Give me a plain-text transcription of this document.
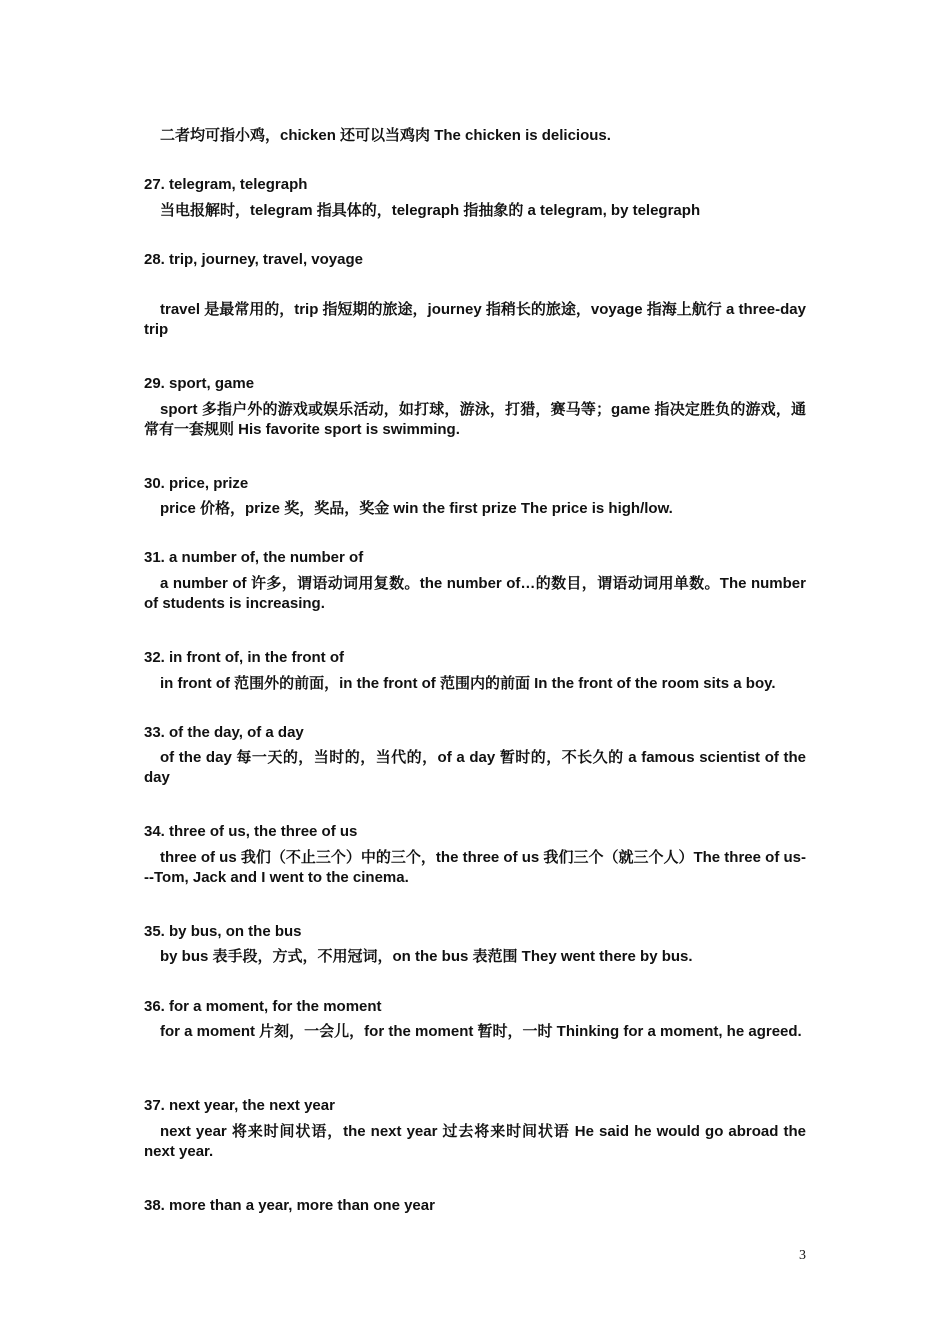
二者均可指小鸡，chicken 还可以当鸡肉 The chicken is delicious.
27. telegram, telegraph
当电报解时，telegram 指具体的，telegraph 指抽象的 a telegram, by telegraph
28. trip, journey, travel, voyage
travel 是最常用的，trip 指短期的旅途，journey 指稍长的旅途，voyage 指海上航行 a three-day trip
29. sport, game
sport 多指户外的游戏或娱乐活动，如打球，游泳，打猎，赛马等；game 指决定胜负的游戏，通常有一套规则 His favorite sport is swimming.
30. price, prize
price 价格，prize 奖，奖品，奖金 win the first prize The price is high/low.
31. a number of, the number of
a number of 许多，谓语动词用复数。the number of…的数目，谓语动词用单数。The number of students is increasing.
32. in front of, in the front of
in front of 范围外的前面，in the front of 范围内的前面 In the front of the room sits a boy.
33. of the day, of a day
of the day 每一天的，当时的，当代的，of a day 暂时的，不长久的 a famous scientist of the day
34. three of us, the three of us
three of us 我们（不止三个）中的三个，the three of us 我们三个（就三个人）The three of us---Tom, Jack and I went to the cinema.
35. by bus, on the bus
by bus 表手段，方式，不用冠词，on the bus 表范围 They went there by bus.
36. for a moment, for the moment
for a moment 片刻，一会儿，for the moment 暂时，一时 Thinking for a moment, he agreed.
37. next year, the next year
next year 将来时间状语，the next year 过去将来时间状语 He said he would go abroad the next year.
38. more than a year, more than one year
3
